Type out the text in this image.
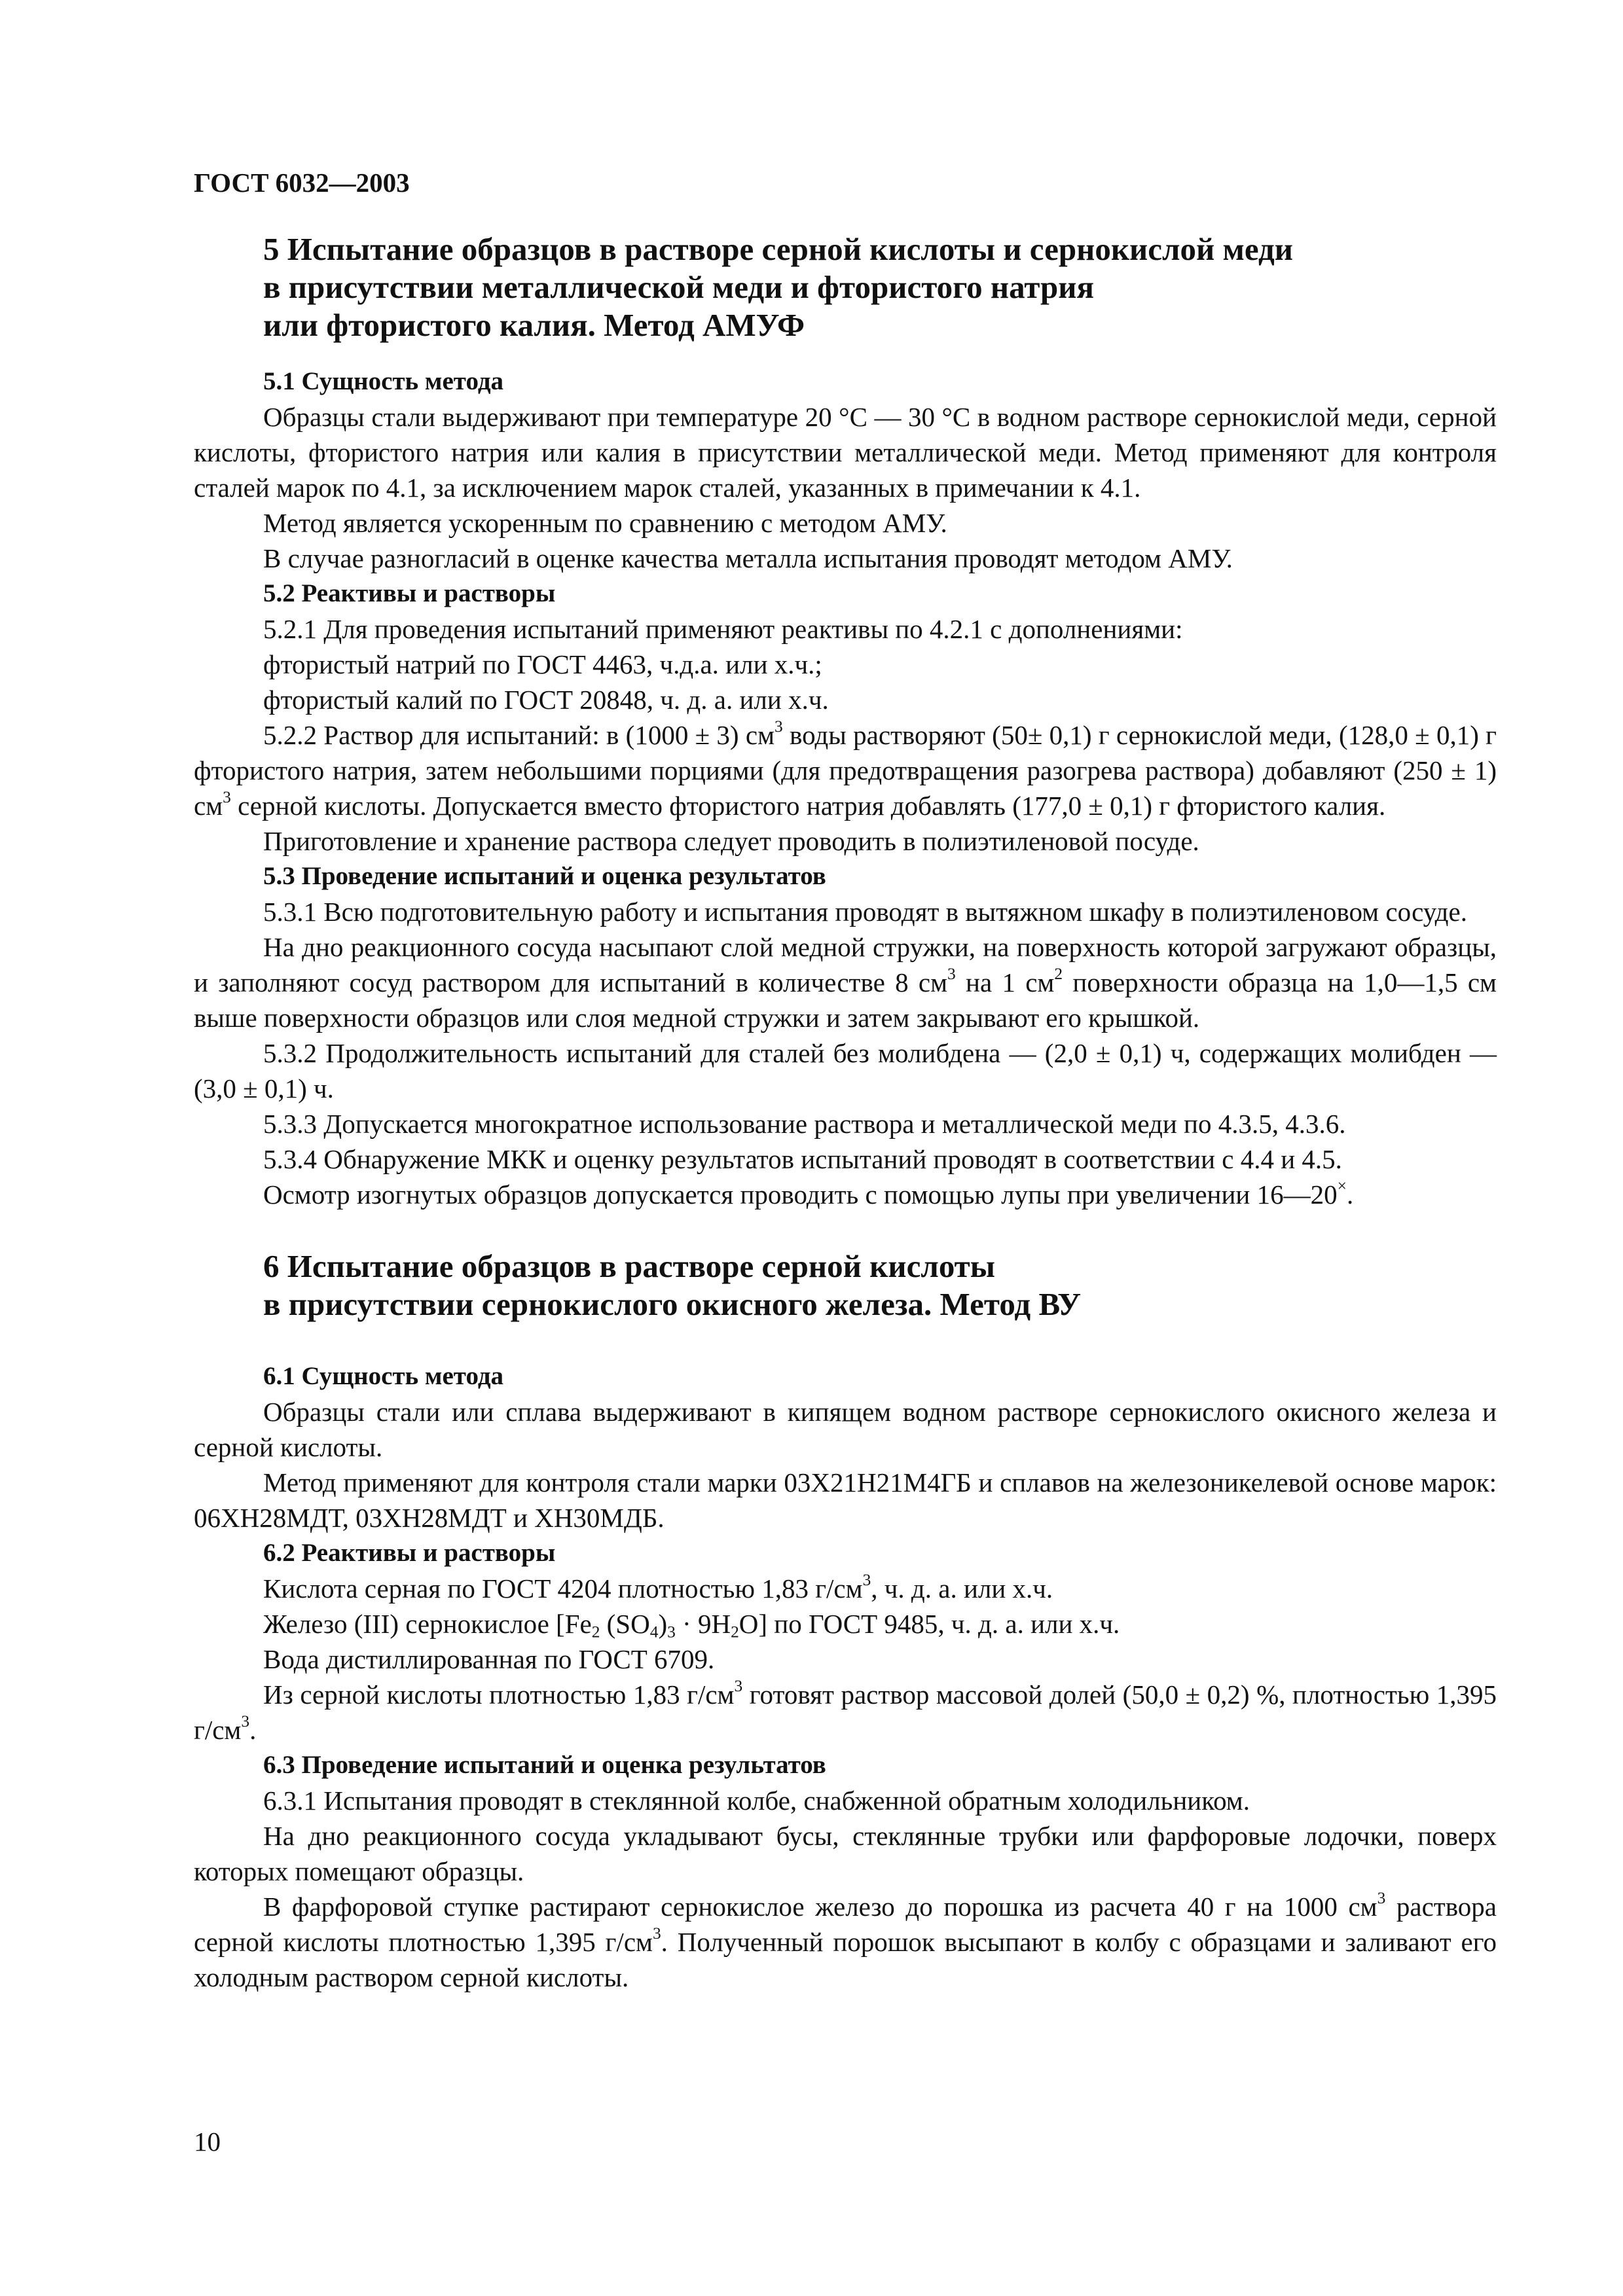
ГОСТ 6032—2003
5 Испытание образцов в растворе серной кислоты и сернокислой меди
в присутствии металлической меди и фтористого натрия
или фтористого калия. Метод АМУФ

5.1 Сущность метода

Образцы стали выдерживают при температуре 20 °С — 30 °С в водном растворе сернокислой меди, серной кислоты, фтористого натрия или калия в присутствии металлической меди. Метод применяют для контроля сталей марок по 4.1, за исключением марок сталей, указанных в примечании к 4.1.

Метод является ускоренным по сравнению с методом АМУ.

В случае разногласий в оценке качества металла испытания проводят методом АМУ.

5.2 Реактивы и растворы

5.2.1 Для проведения испытаний применяют реактивы по 4.2.1 с дополнениями:

фтористый натрий по ГОСТ 4463, ч.д.а. или х.ч.;

фтористый калий по ГОСТ 20848, ч. д. а. или х.ч.

5.2.2 Раствор для испытаний: в (1000 ± 3) $см^3$ воды растворяют (50± 0,1) г сернокислой меди, (128,0 ± 0,1) г фтористого натрия, затем небольшими порциями (для предотвращения разогрева раствора) добавляют (250 ± 1) $см^3$ серной кислоты. Допускается вместо фтористого натрия добавлять (177,0 ± 0,1) г фтористого калия.

Приготовление и хранение раствора следует проводить в полиэтиленовой посуде.

5.3 Проведение испытаний и оценка результатов

5.3.1 Всю подготовительную работу и испытания проводят в вытяжном шкафу в полиэтиленовом сосуде.

На дно реакционного сосуда насыпают слой медной стружки, на поверхность которой загружают образцы, и заполняют сосуд раствором для испытаний в количестве 8 $см^3$ на 1 $см^2$ поверхности образца на 1,0—1,5 см выше поверхности образцов или слоя медной стружки и затем закрывают его крышкой.

5.3.2 Продолжительность испытаний для сталей без молибдена — (2,0 ± 0,1) ч, содержащих молибден — (3,0 ± 0,1) ч.

5.3.3 Допускается многократное использование раствора и металлической меди по 4.3.5, 4.3.6.

5.3.4 Обнаружение МКК и оценку результатов испытаний проводят в соответствии с 4.4 и 4.5.

Осмотр изогнутых образцов допускается проводить с помощью лупы при увеличении 16—20×.

6 Испытание образцов в растворе серной кислоты
в присутствии сернокислого окисного железа. Метод ВУ

6.1 Сущность метода

Образцы стали или сплава выдерживают в кипящем водном растворе сернокислого окисного железа и серной кислоты.

Метод применяют для контроля стали марки 03Х21Н21М4ГБ и сплавов на железоникелевой основе марок: 06ХН28МДТ, 03ХН28МДТ и ХН30МДБ.

6.2 Реактивы и растворы

Кислота серная по ГОСТ 4204 плотностью 1,83 $г/см^3$, ч. д. а. или х.ч.

Железо (III) сернокислое [$Fe_2$ $(SO_4)_3 \cdot 9H_2O$] по ГОСТ 9485, ч. д. а. или х.ч.

Вода дистиллированная по ГОСТ 6709.

Из серной кислоты плотностью 1,83 $г/см^3$ готовят раствор массовой долей (50,0 ± 0,2) %, плотностью 1,395 $г/см^3$.

6.3 Проведение испытаний и оценка результатов

6.3.1 Испытания проводят в стеклянной колбе, снабженной обратным холодильником.

На дно реакционного сосуда укладывают бусы, стеклянные трубки или фарфоровые лодочки, поверх которых помещают образцы.

В фарфоровой ступке растирают сернокислое железо до порошка из расчета 40 г на 1000 $см^3$ раствора серной кислоты плотностью 1,395 $г/см^3$. Полученный порошок высыпают в колбу с образцами и заливают его холодным раствором серной кислоты.

10
